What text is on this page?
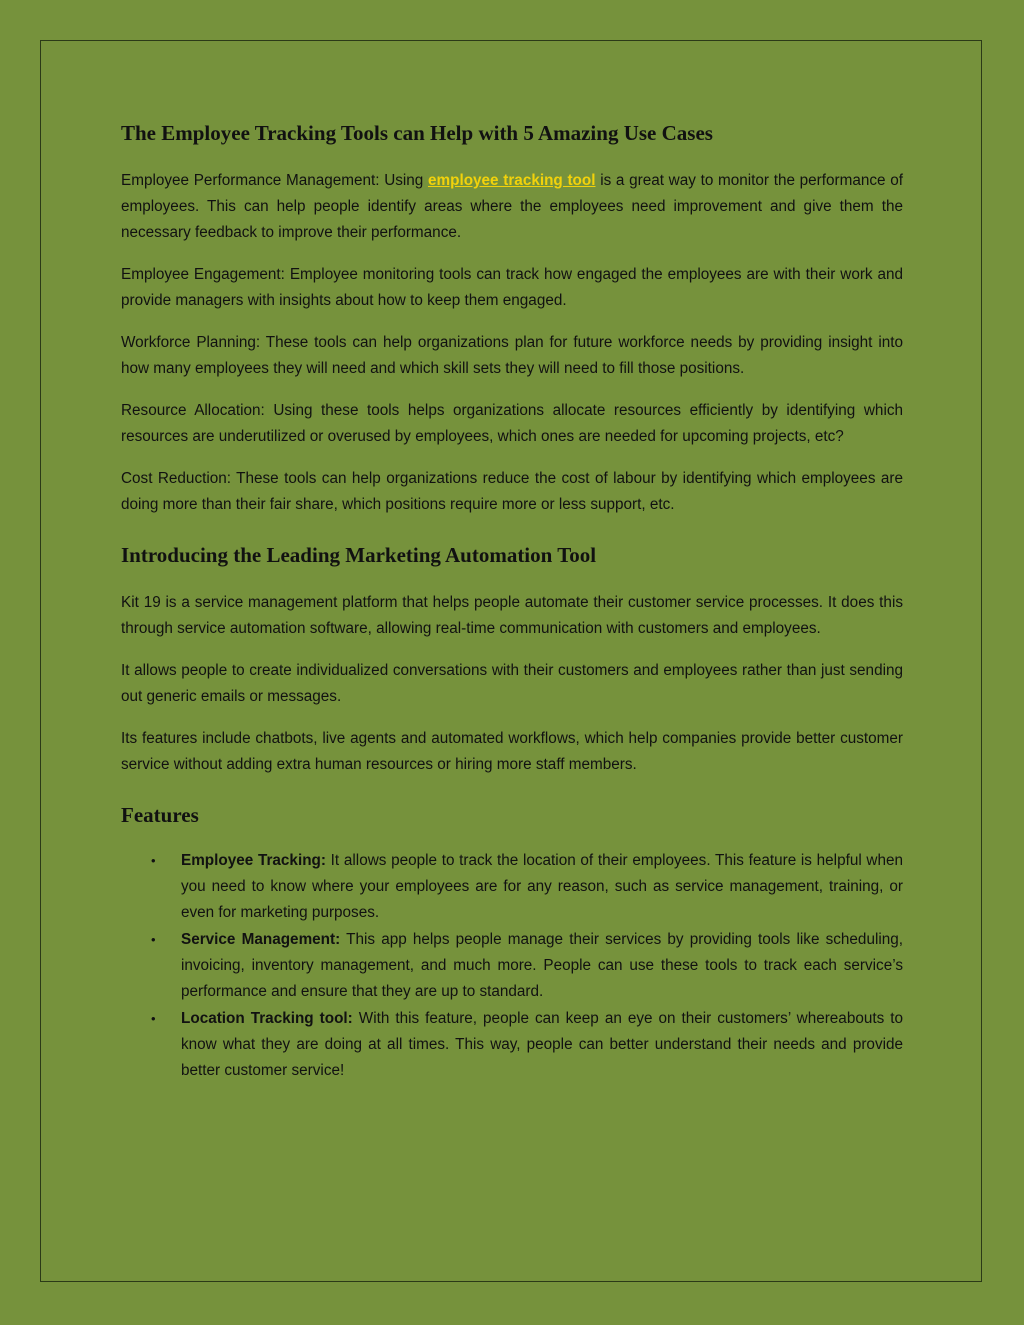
The Employee Tracking Tools can Help with 5 Amazing Use Cases

Employee Performance Management: Using employee tracking tool is a great way to monitor the performance of employees. This can help people identify areas where the employees need improvement and give them the necessary feedback to improve their performance.

Employee Engagement: Employee monitoring tools can track how engaged the employees are with their work and provide managers with insights about how to keep them engaged.

Workforce Planning: These tools can help organizations plan for future workforce needs by providing insight into how many employees they will need and which skill sets they will need to fill those positions.

Resource Allocation: Using these tools helps organizations allocate resources efficiently by identifying which resources are underutilized or overused by employees, which ones are needed for upcoming projects, etc?

Cost Reduction: These tools can help organizations reduce the cost of labour by identifying which employees are doing more than their fair share, which positions require more or less support, etc.

Introducing the Leading Marketing Automation Tool

Kit 19 is a service management platform that helps people automate their customer service processes. It does this through service automation software, allowing real-time communication with customers and employees.

It allows people to create individualized conversations with their customers and employees rather than just sending out generic emails or messages.

Its features include chatbots, live agents and automated workflows, which help companies provide better customer service without adding extra human resources or hiring more staff members.

Features
• Employee Tracking: It allows people to track the location of their employees. This feature is helpful when you need to know where your employees are for any reason, such as service management, training, or even for marketing purposes.
• Service Management: This app helps people manage their services by providing tools like scheduling, invoicing, inventory management, and much more. People can use these tools to track each service’s performance and ensure that they are up to standard.
• Location Tracking tool: With this feature, people can keep an eye on their customers’ whereabouts to know what they are doing at all times. This way, people can better understand their needs and provide better customer service!
